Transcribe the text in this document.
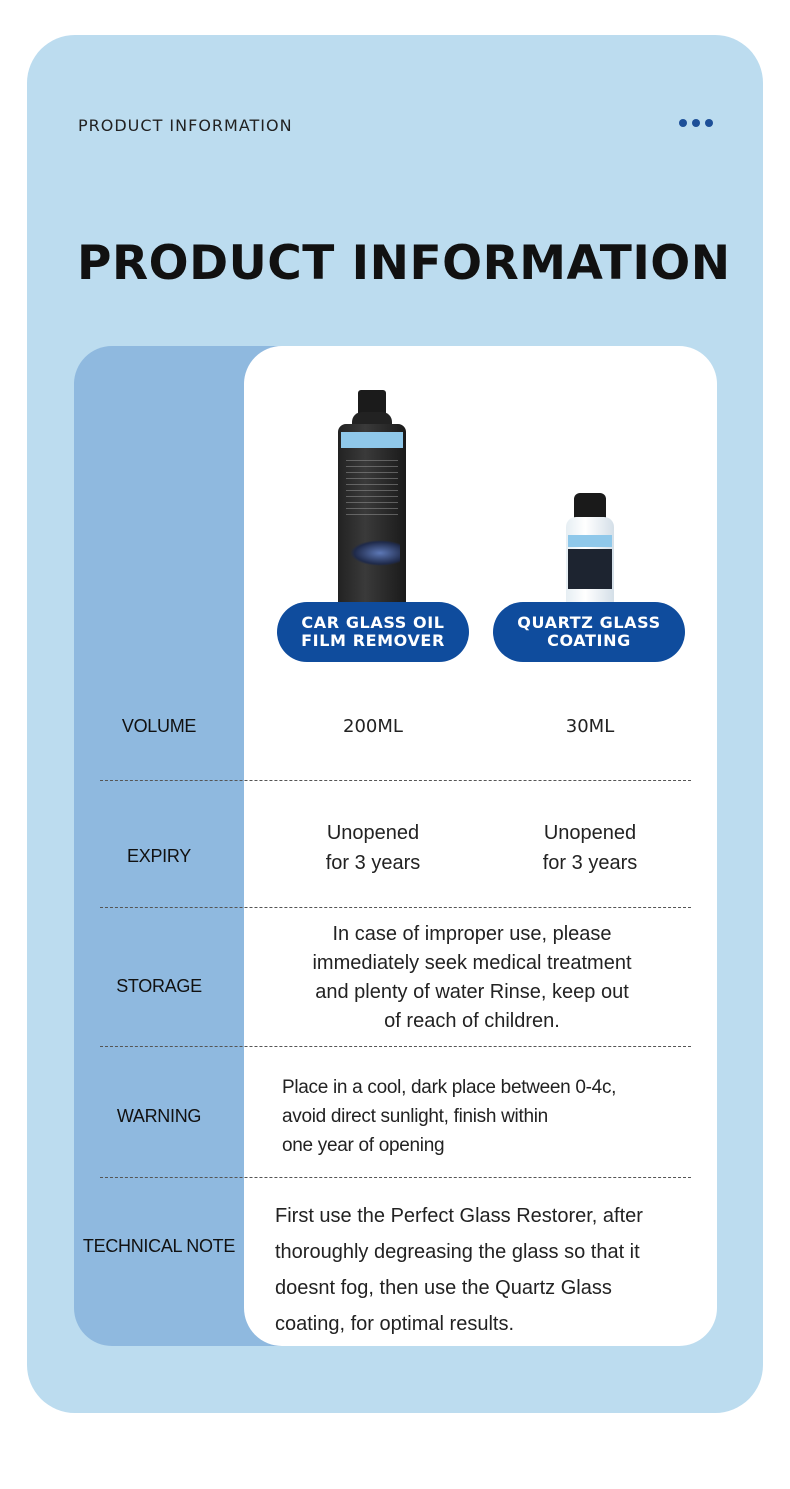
PRODUCT INFORMATION
PRODUCT INFORMATION
CAR GLASS OIL
FILM REMOVER
QUARTZ GLASS
COATING
VOLUME	200ML	30ML
EXPIRY
Unopened
for 3 years
Unopened
for 3 years
STORAGE
In case of improper use, please
immediately seek medical treatment
and plenty of water Rinse, keep out
of reach of children.
WARNING
Place in a cool, dark place between 0-4c,
avoid direct sunlight, finish within
one year of opening
TECHNICAL NOTE
First use the Perfect Glass Restorer, after
thoroughly degreasing the glass so that it
doesnt fog, then use the Quartz Glass
coating, for optimal results.
